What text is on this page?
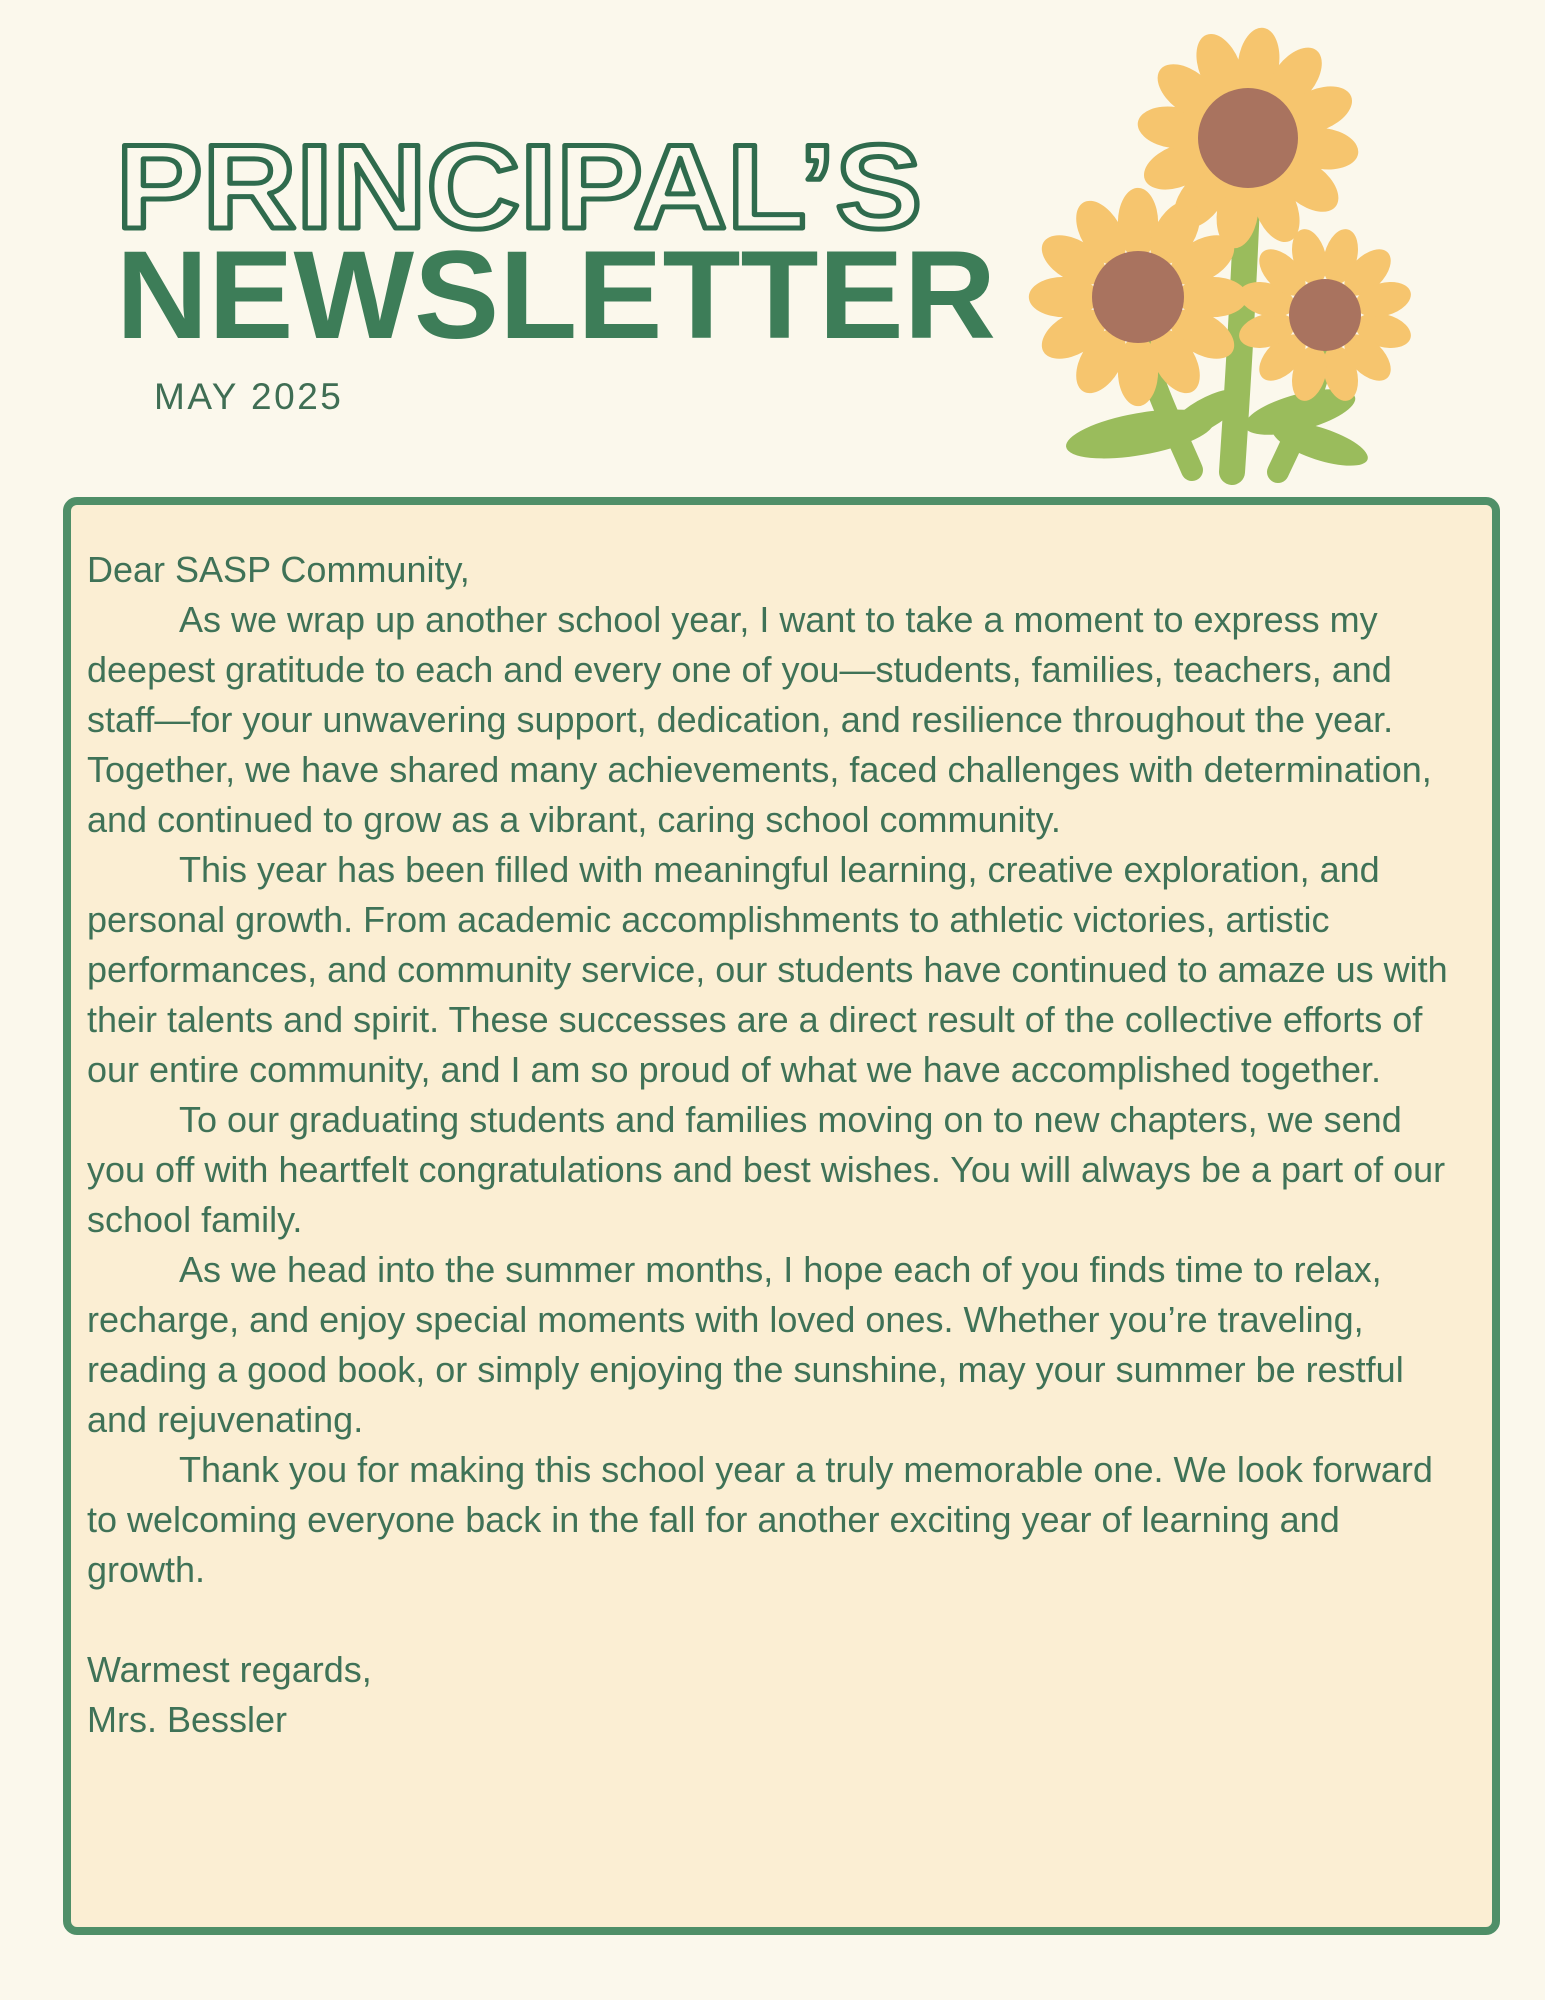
PRINCIPAL’S
NEWSLETTER
MAY 2025

Dear SASP Community,

As we wrap up another school year, I want to take a moment to express my deepest gratitude to each and every one of you—students, families, teachers, and staff—for your unwavering support, dedication, and resilience throughout the year. Together, we have shared many achievements, faced challenges with determination, and continued to grow as a vibrant, caring school community.

This year has been filled with meaningful learning, creative exploration, and personal growth. From academic accomplishments to athletic victories, artistic performances, and community service, our students have continued to amaze us with their talents and spirit. These successes are a direct result of the collective efforts of our entire community, and I am so proud of what we have accomplished together.

To our graduating students and families moving on to new chapters, we send you off with heartfelt congratulations and best wishes. You will always be a part of our school family.

As we head into the summer months, I hope each of you finds time to relax, recharge, and enjoy special moments with loved ones. Whether you’re traveling, reading a good book, or simply enjoying the sunshine, may your summer be restful and rejuvenating.

Thank you for making this school year a truly memorable one. We look forward to welcoming everyone back in the fall for another exciting year of learning and growth.

Warmest regards,

Mrs. Bessler
